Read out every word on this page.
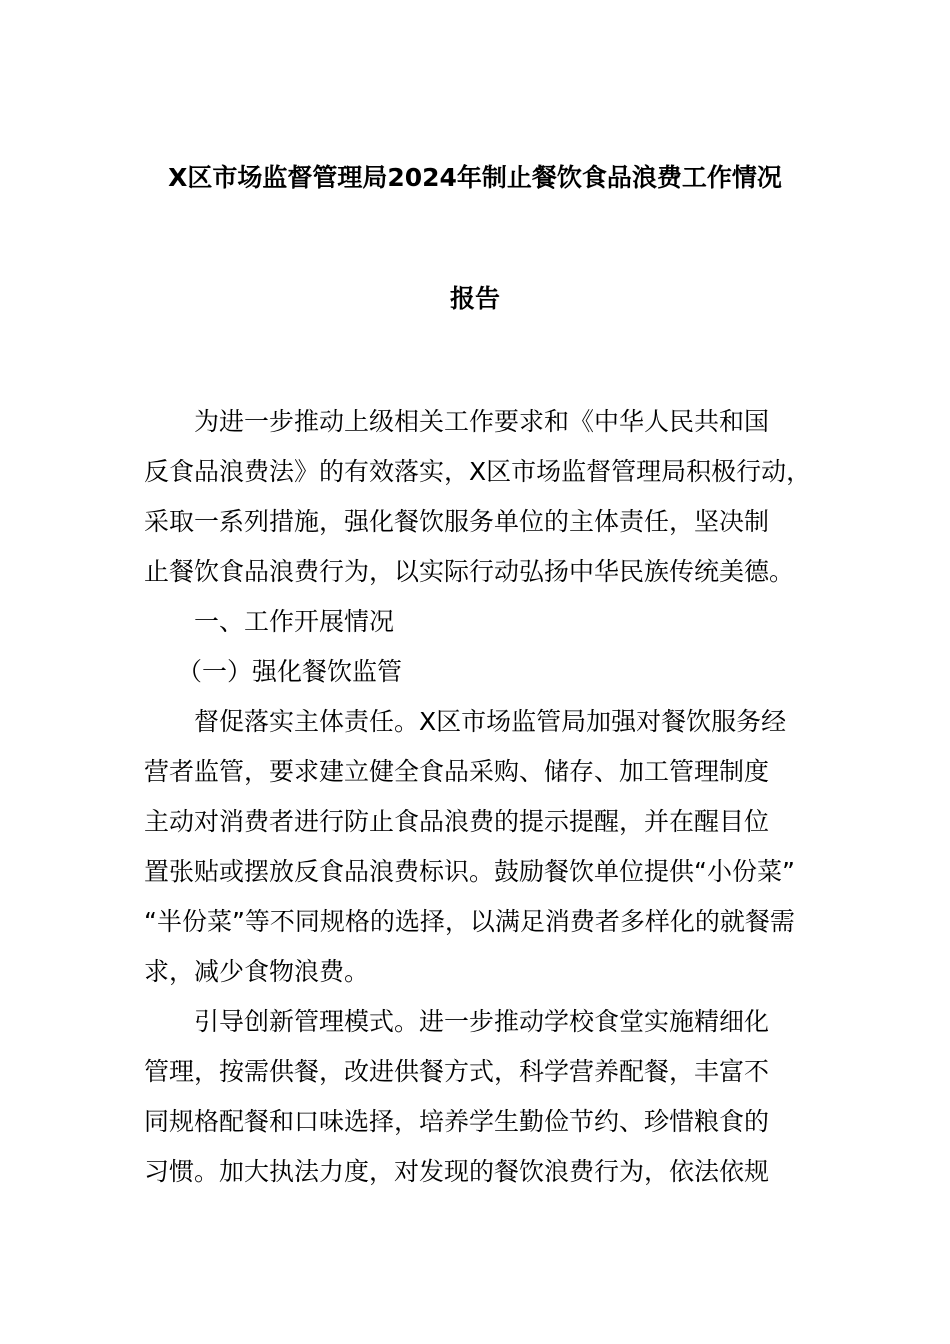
X区市场监督管理局2024年制止餐饮食品浪费工作情况
报告
　　为进一步推动上级相关工作要求和《中华人民共和国
反食品浪费法》的有效落实，X区市场监督管理局积极行动，
采取一系列措施，强化餐饮服务单位的主体责任，坚决制
止餐饮食品浪费行为，以实际行动弘扬中华民族传统美德。
　　一、工作开展情况
　 （一）强化餐饮监管
　　督促落实主体责任。X区市场监管局加强对餐饮服务经
营者监管，要求建立健全食品采购、储存、加工管理制度
主动对消费者进行防止食品浪费的提示提醒，并在醒目位
置张贴或摆放反食品浪费标识。鼓励餐饮单位提供“小份菜”
“半份菜”等不同规格的选择，以满足消费者多样化的就餐需
求，减少食物浪费。
　　引导创新管理模式。进一步推动学校食堂实施精细化
管理，按需供餐，改进供餐方式，科学营养配餐，丰富不
同规格配餐和口味选择，培养学生勤俭节约、珍惜粮食的
习惯。加大执法力度，对发现的餐饮浪费行为，依法依规
